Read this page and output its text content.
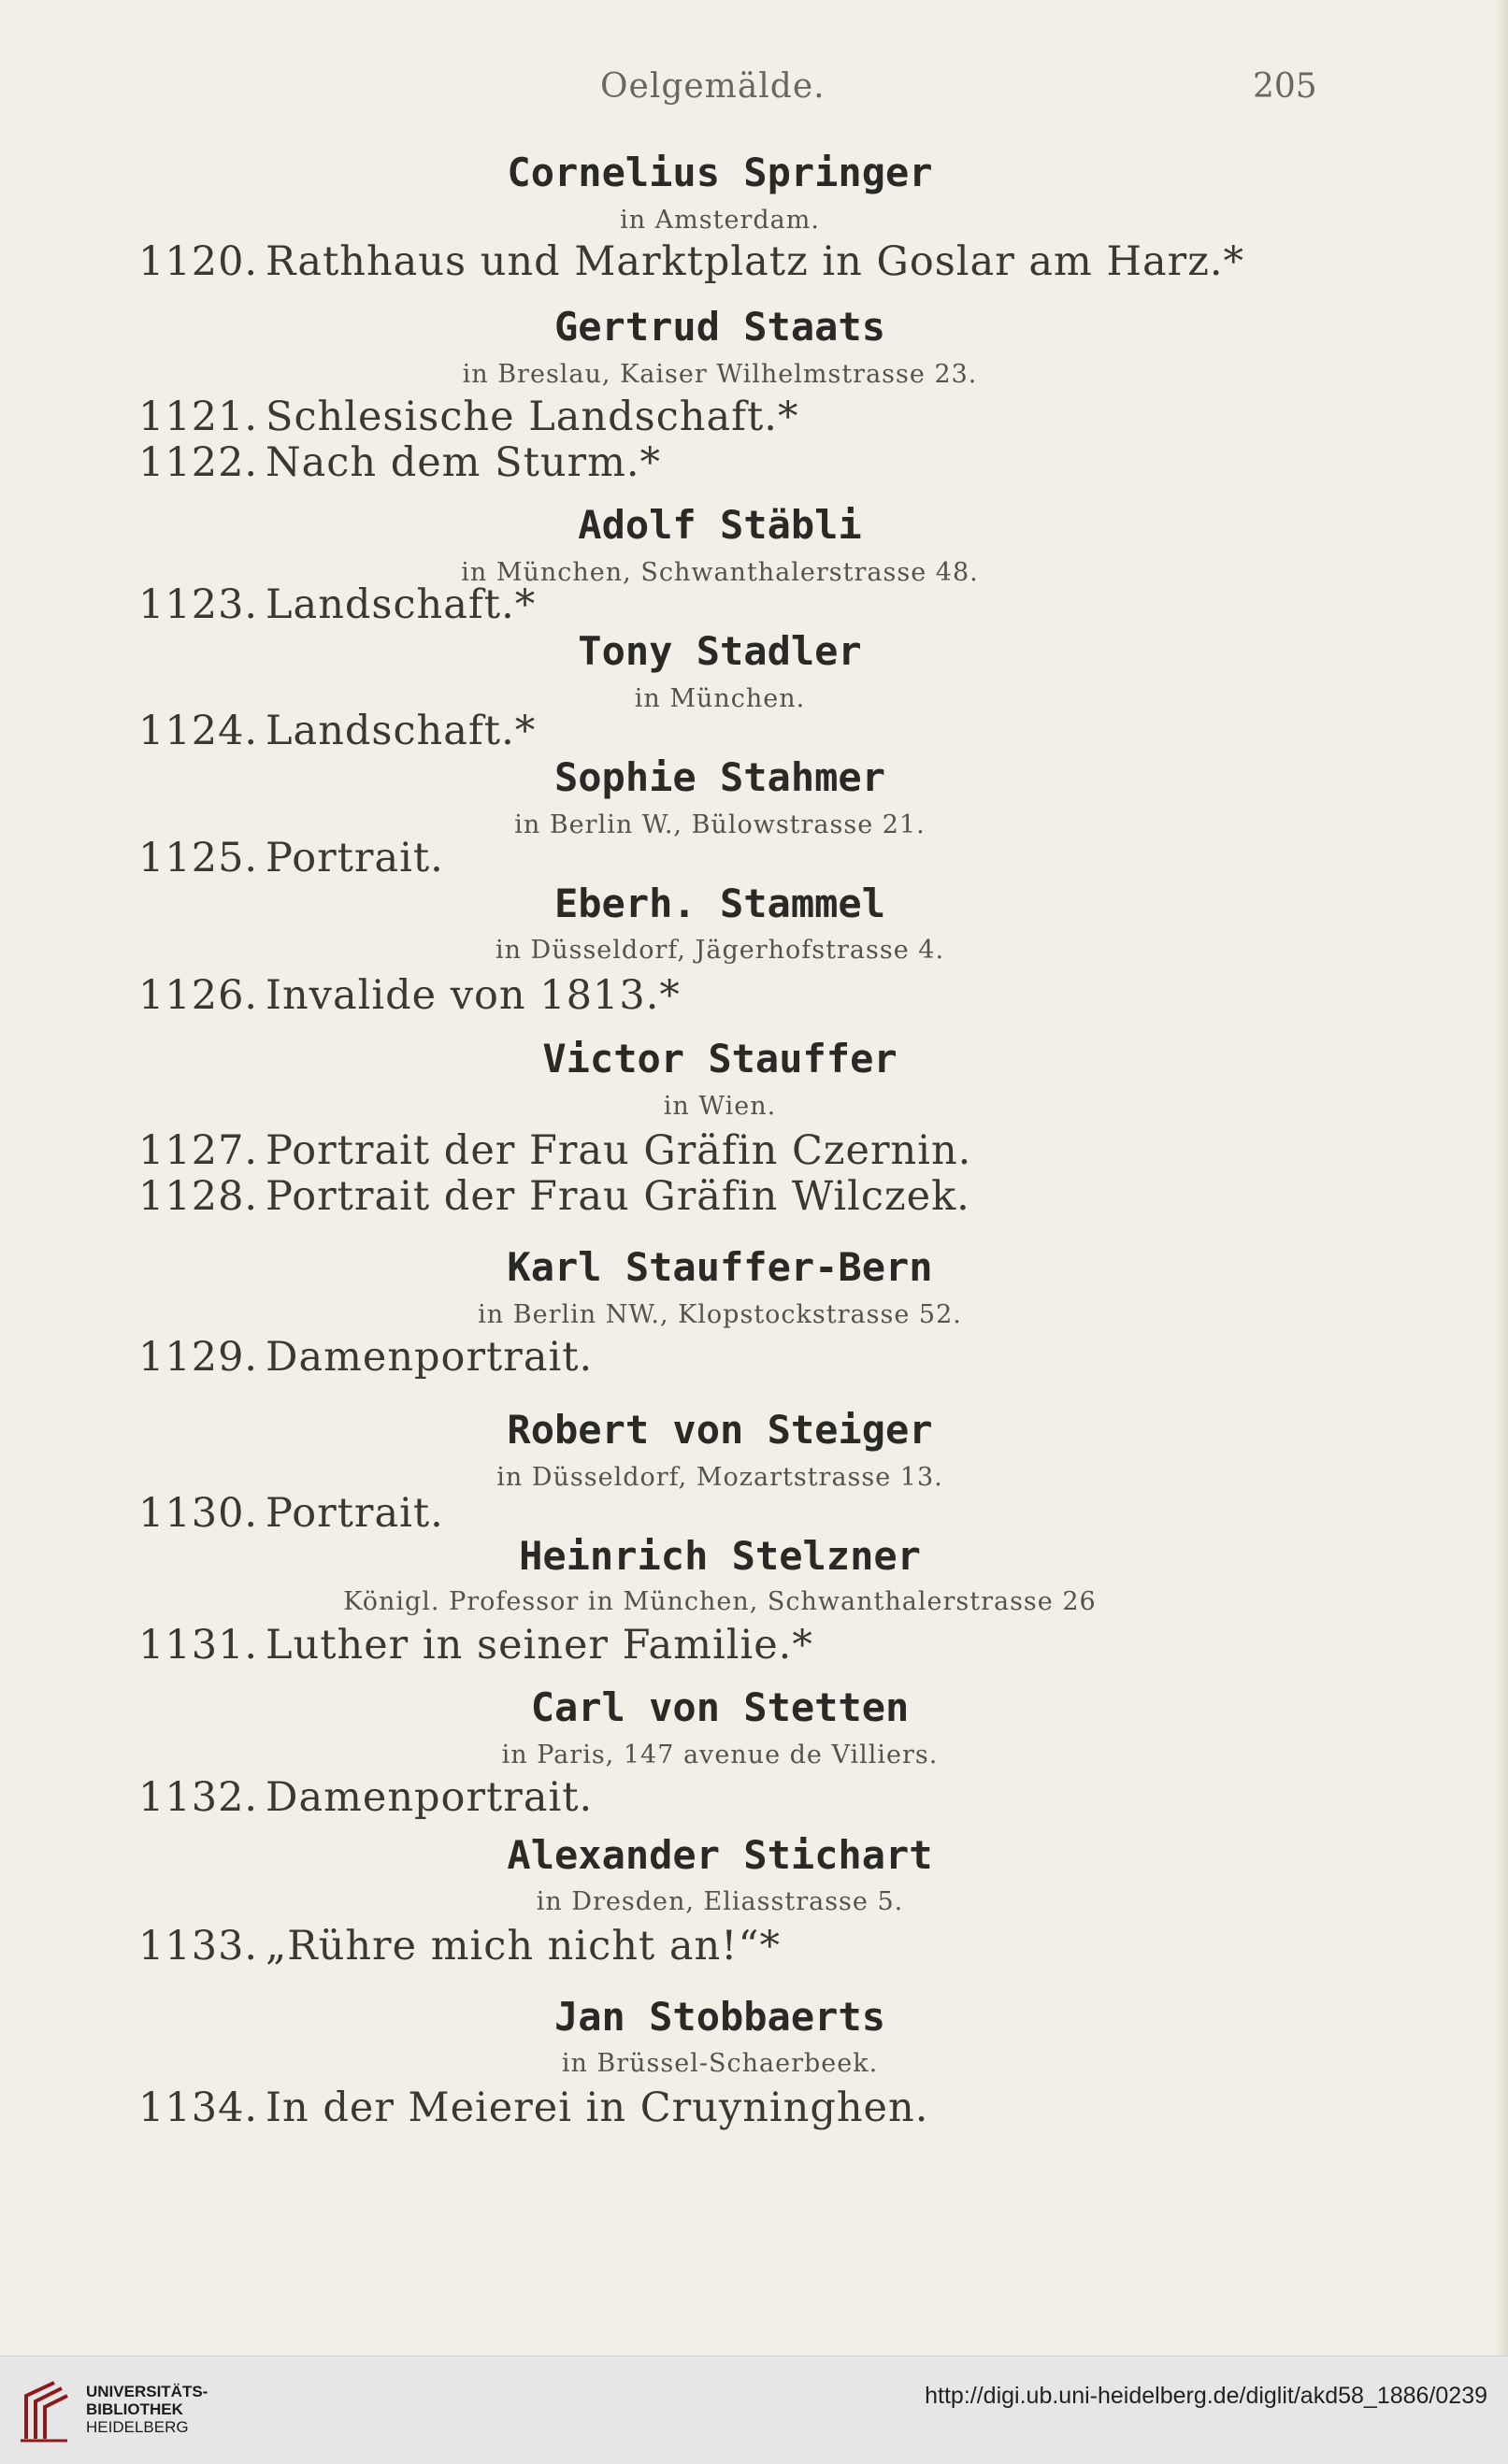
Oelgemälde.	205
Cornelius Springer
in Amsterdam.
1120. Rathhaus und Marktplatz in Goslar am Harz.*
Gertrud Staats
in Breslau, Kaiser Wilhelmstrasse 23.
1121. Schlesische Landschaft.*
1122. Nach dem Sturm.*
Adolf Stäbli
in München, Schwanthalerstrasse 48.
1123. Landschaft.*
Tony Stadler
in München.
1124. Landschaft.*
Sophie Stahmer
in Berlin W., Bülowstrasse 21.
1125. Portrait.
Eberh. Stammel
in Düsseldorf, Jägerhofstrasse 4.
1126. Invalide von 1813.*
Victor Stauffer
in Wien.
1127. Portrait der Frau Gräfin Czernin.
1128. Portrait der Frau Gräfin Wilczek.
Karl Stauffer-Bern
in Berlin NW., Klopstockstrasse 52.
1129. Damenportrait.
Robert von Steiger
in Düsseldorf, Mozartstrasse 13.
1130. Portrait.
Heinrich Stelzner
Königl. Professor in München, Schwanthalerstrasse 26
1131. Luther in seiner Familie.*
Carl von Stetten
in Paris, 147 avenue de Villiers.
1132. Damenportrait.
Alexander Stichart
in Dresden, Eliasstrasse 5.
1133. „Rühre mich nicht an!“*
Jan Stobbaerts
in Brüssel-Schaerbeek.
1134. In der Meierei in Cruyninghen.
UNIVERSITÄTS-
BIBLIOTHEK
HEIDELBERG
http://digi.ub.uni-heidelberg.de/diglit/akd58_1886/0239
